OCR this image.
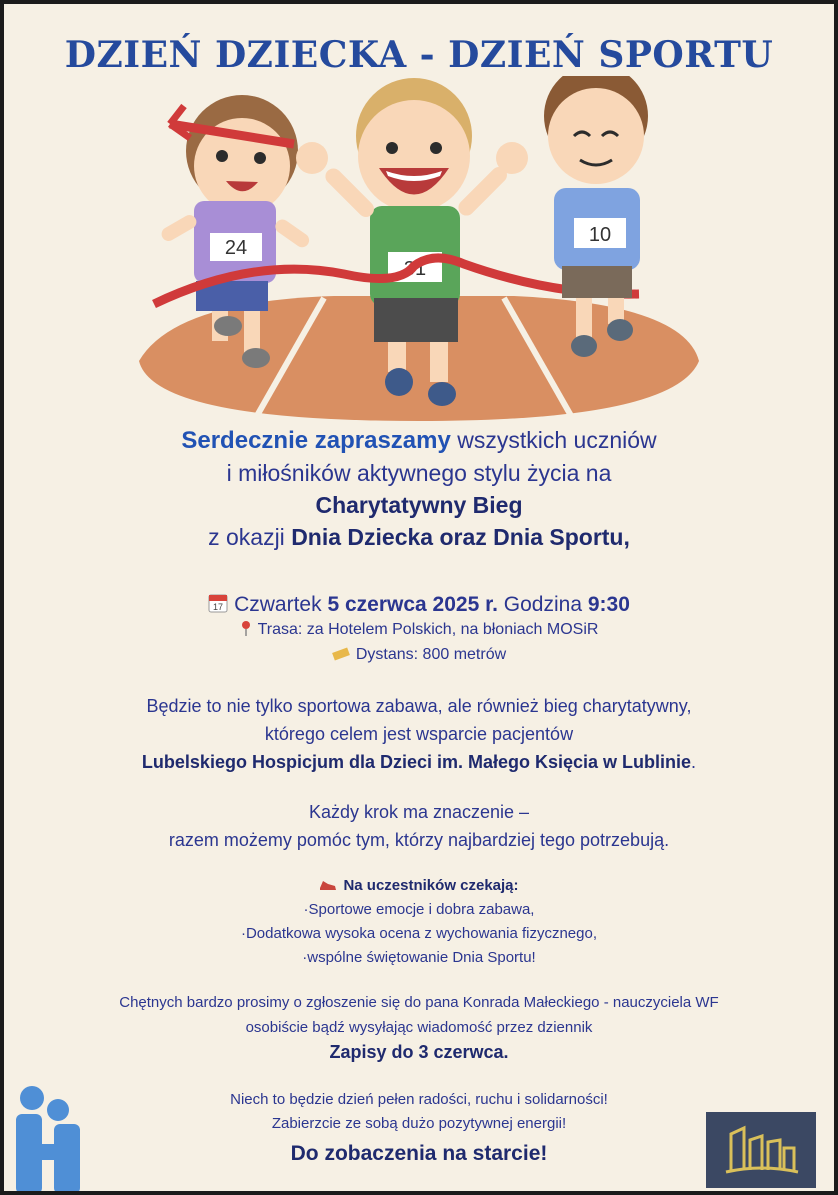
DZIEŃ DZIECKA - DZIEŃ SPORTU
24
31
10
Serdecznie zapraszamy wszystkich uczniów
i miłośników aktywnego stylu życia na
Charytatywny Bieg
z okazji Dnia Dziecka oraz Dnia Sportu,
17 Czwartek 5 czerwca 2025 r. Godzina 9:30
Trasa: za Hotelem Polskich, na błoniach MOSiR
Dystans: 800 metrów
Będzie to nie tylko sportowa zabawa, ale również bieg charytatywny,
którego celem jest wsparcie pacjentów
Lubelskiego Hospicjum dla Dzieci im. Małego Księcia w Lublinie.
Każdy krok ma znaczenie –
razem możemy pomóc tym, którzy najbardziej tego potrzebują.
Na uczestników czekają:
·Sportowe emocje i dobra zabawa,
·Dodatkowa wysoka ocena z wychowania fizycznego,
·wspólne świętowanie Dnia Sportu!
Chętnych bardzo prosimy o zgłoszenie się do pana Konrada Małeckiego - nauczyciela WF
osobiście bądź wysyłając wiadomość przez dziennik
Zapisy do 3 czerwca.
Niech to będzie dzień pełen radości, ruchu i solidarności!
Zabierzcie ze sobą dużo pozytywnej energii!
Do zobaczenia na starcie!
